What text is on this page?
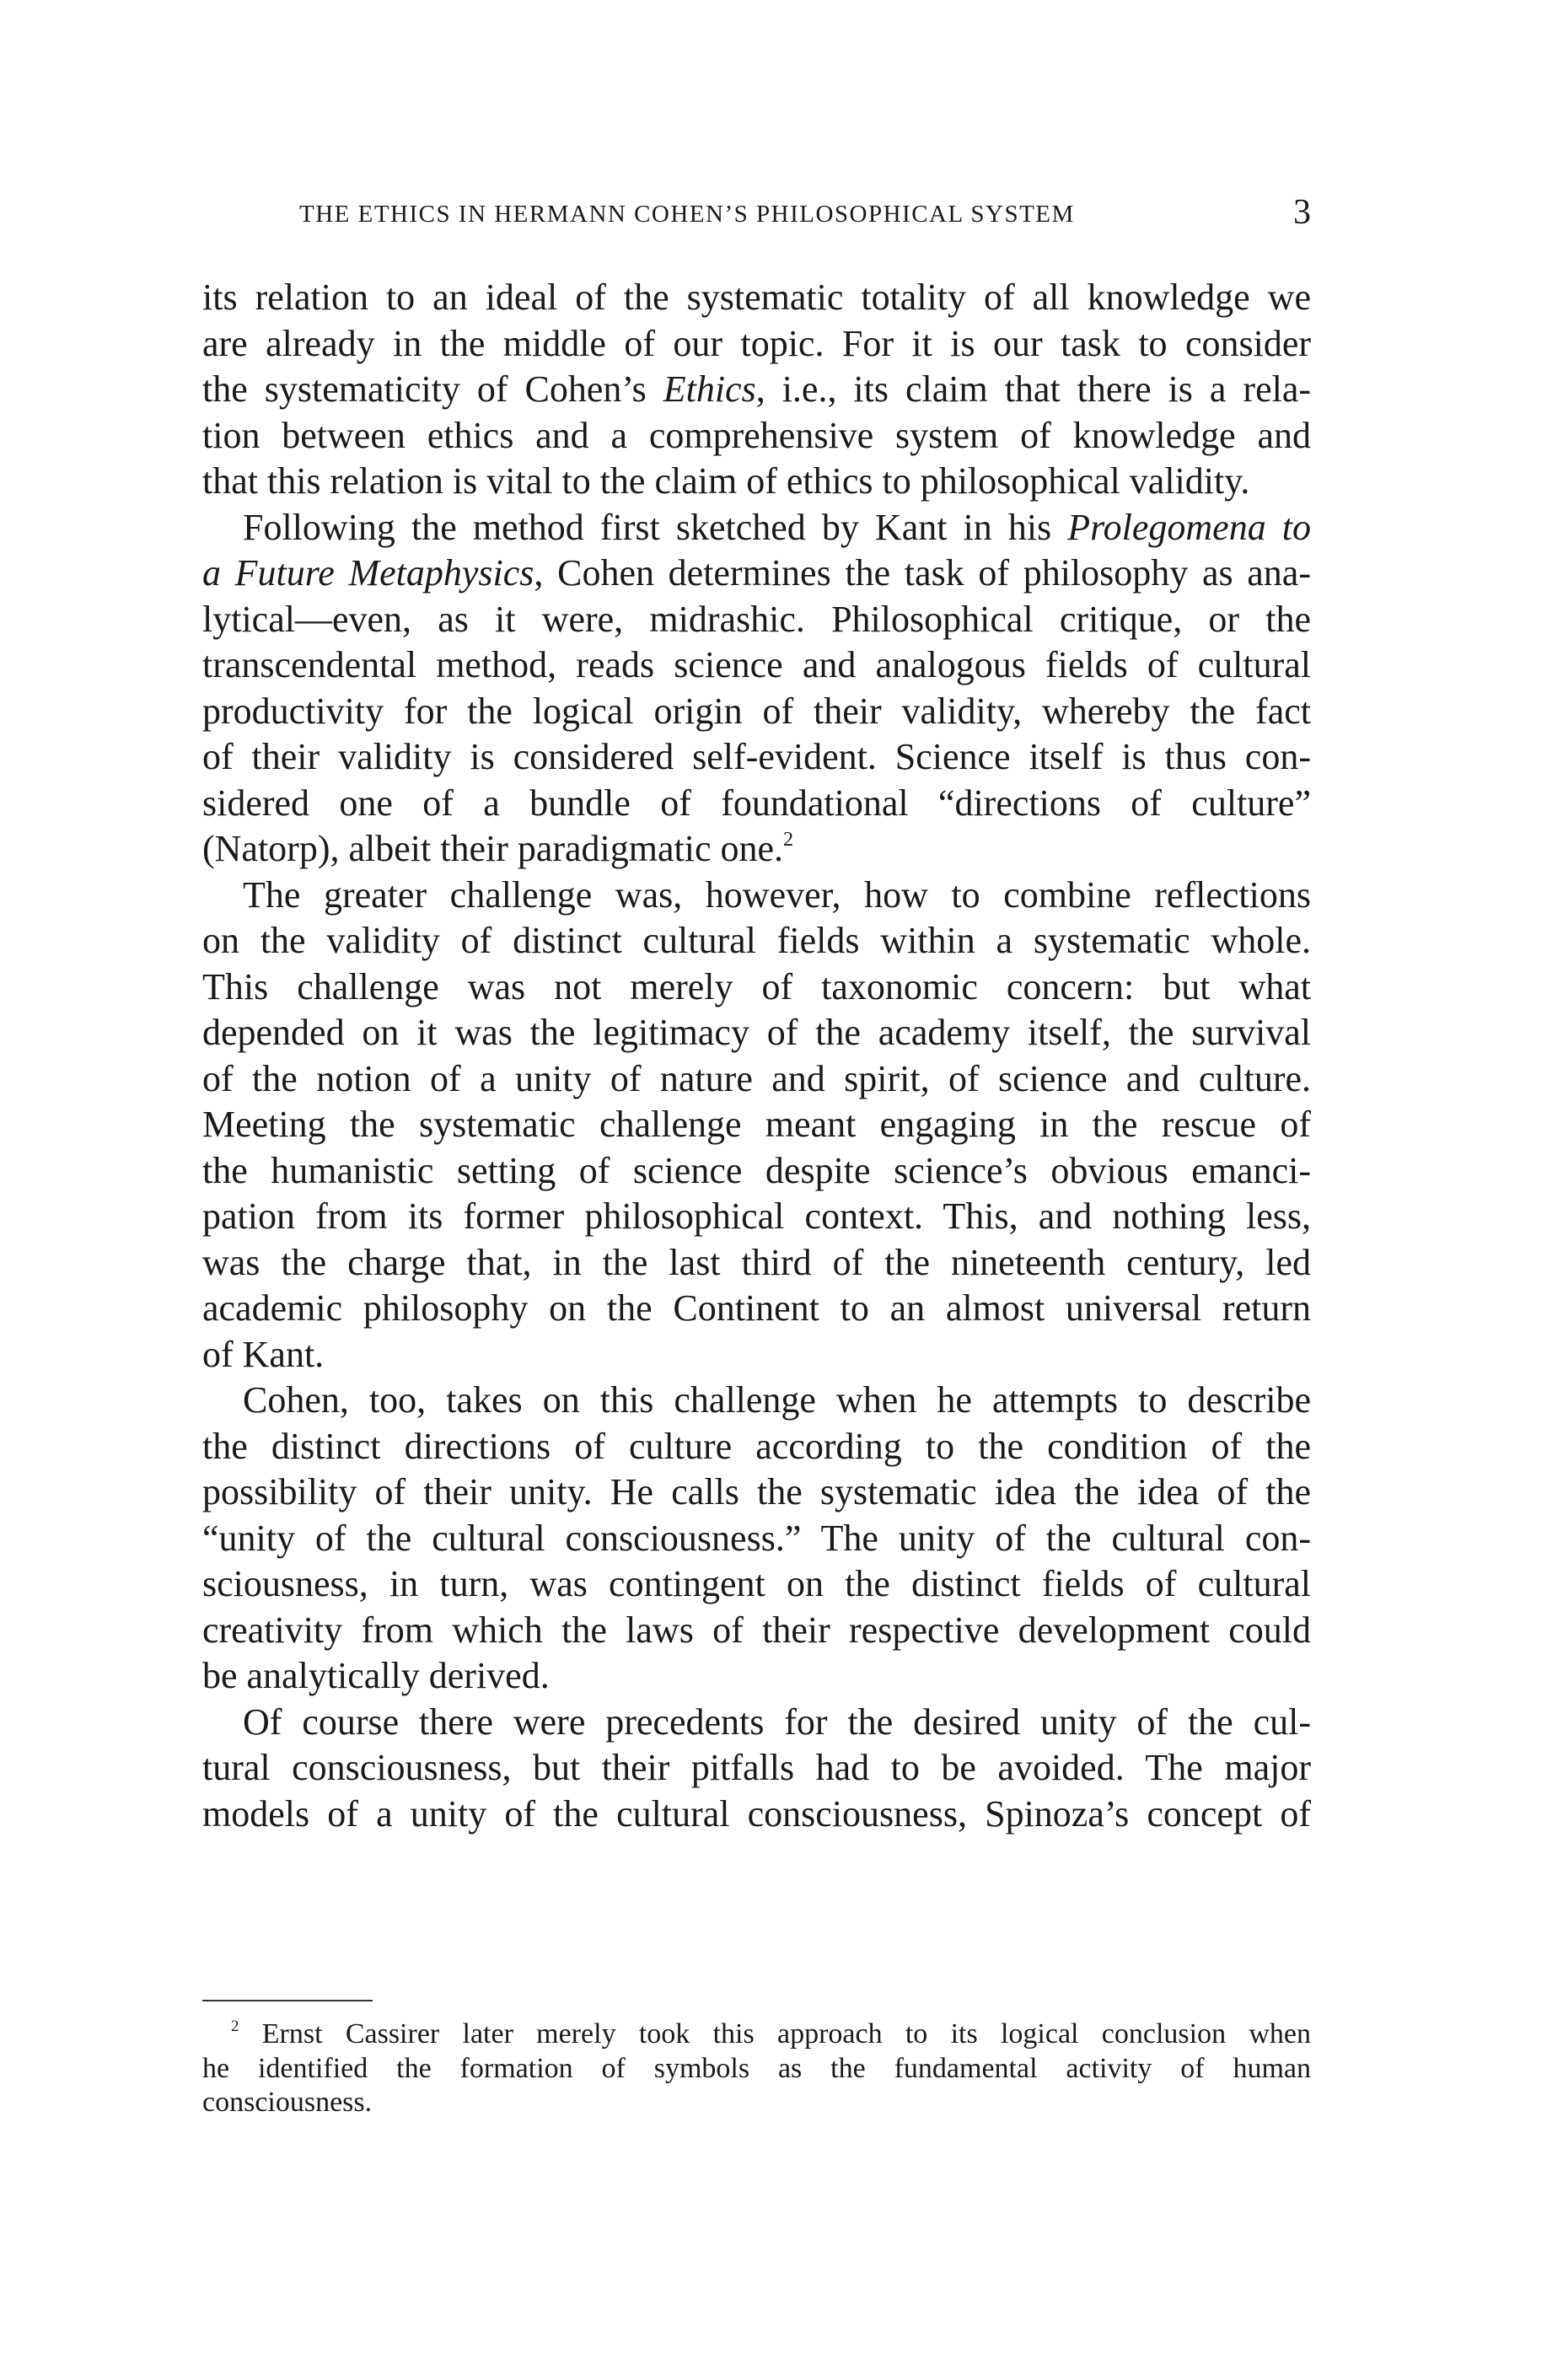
THE ETHICS IN HERMANN COHEN’S PHILOSOPHICAL SYSTEM	3
its relation to an ideal of the systematic totality of all knowledge we
are already in the middle of our topic. For it is our task to consider
the systematicity of Cohen’s Ethics, i.e., its claim that there is a rela-
tion between ethics and a comprehensive system of knowledge and
that this relation is vital to the claim of ethics to philosophical validity.
Following the method first sketched by Kant in his Prolegomena to
a Future Metaphysics, Cohen determines the task of philosophy as ana-
lytical—even, as it were, midrashic. Philosophical critique, or the
transcendental method, reads science and analogous fields of cultural
productivity for the logical origin of their validity, whereby the fact
of their validity is considered self-evident. Science itself is thus con-
sidered one of a bundle of foundational “directions of culture”
(Natorp), albeit their paradigmatic one.$^2$
The greater challenge was, however, how to combine reflections
on the validity of distinct cultural fields within a systematic whole.
This challenge was not merely of taxonomic concern: but what
depended on it was the legitimacy of the academy itself, the survival
of the notion of a unity of nature and spirit, of science and culture.
Meeting the systematic challenge meant engaging in the rescue of
the humanistic setting of science despite science’s obvious emanci-
pation from its former philosophical context. This, and nothing less,
was the charge that, in the last third of the nineteenth century, led
academic philosophy on the Continent to an almost universal return
of Kant.
Cohen, too, takes on this challenge when he attempts to describe
the distinct directions of culture according to the condition of the
possibility of their unity. He calls the systematic idea the idea of the
“unity of the cultural consciousness.” The unity of the cultural con-
sciousness, in turn, was contingent on the distinct fields of cultural
creativity from which the laws of their respective development could
be analytically derived.
Of course there were precedents for the desired unity of the cul-
tural consciousness, but their pitfalls had to be avoided. The major
models of a unity of the cultural consciousness, Spinoza’s concept of
$^2$ Ernst Cassirer later merely took this approach to its logical conclusion when
he identified the formation of symbols as the fundamental activity of human
consciousness.
